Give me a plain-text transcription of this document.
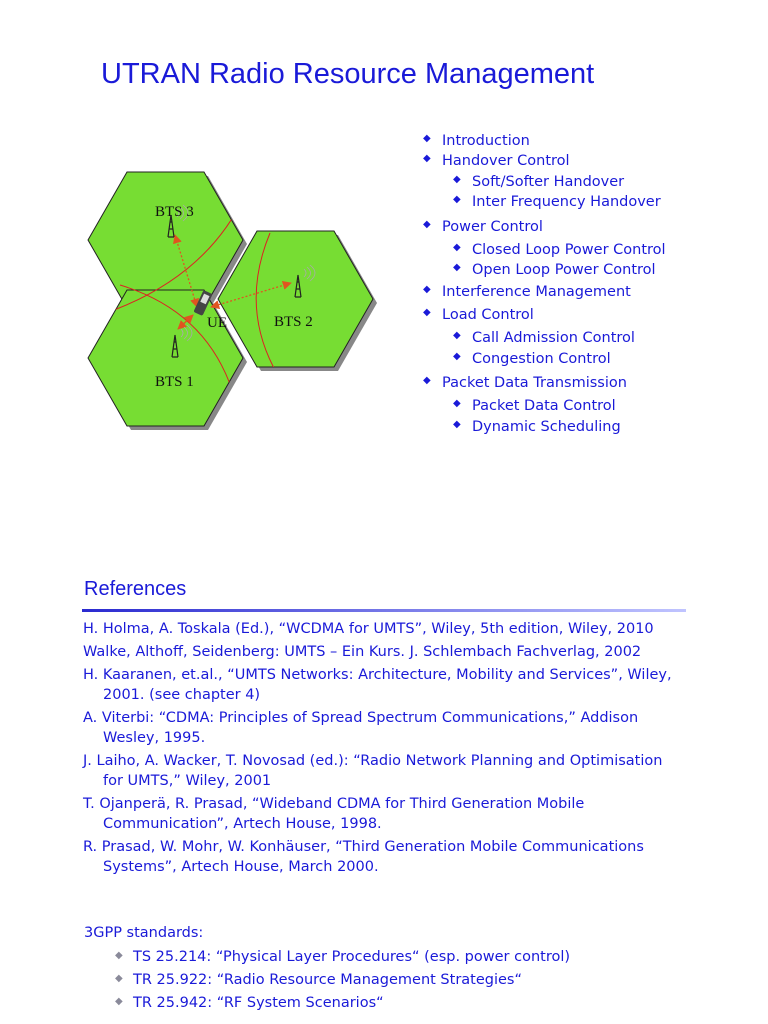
UTRAN Radio Resource Management
UE
BTS 3
BTS 2
BTS 1
◆ Introduction
◆ Handover Control
◆ Soft/Softer Handover
◆ Inter Frequency Handover
◆ Power Control
◆ Closed Loop Power Control
◆ Open Loop Power Control
◆ Interference Management
◆ Load Control
◆ Call Admission Control
◆ Congestion Control
◆ Packet Data Transmission
◆ Packet Data Control
◆ Dynamic Scheduling
References
H. Holma, A. Toskala (Ed.), “WCDMA for UMTS”, Wiley, 5th edition, Wiley, 2010
Walke, Althoff, Seidenberg: UMTS – Ein Kurs. J. Schlembach Fachverlag, 2002
H. Kaaranen, et.al., “UMTS Networks: Architecture, Mobility and Services”, Wiley, 2001. (see chapter 4)
A. Viterbi: “CDMA: Principles of Spread Spectrum Communications,” Addison Wesley, 1995.
J. Laiho, A. Wacker, T. Novosad (ed.): “Radio Network Planning and Optimisation for UMTS,” Wiley, 2001
T. Ojanperä, R. Prasad, “Wideband CDMA for Third Generation Mobile Communication”, Artech House, 1998.
R. Prasad, W. Mohr, W. Konhäuser, “Third Generation Mobile Communications Systems”, Artech House, March 2000.
3GPP standards:
◆ TS 25.214: “Physical Layer Procedures“ (esp. power control)
◆ TR 25.922: “Radio Resource Management Strategies“
◆ TR 25.942: “RF System Scenarios“
